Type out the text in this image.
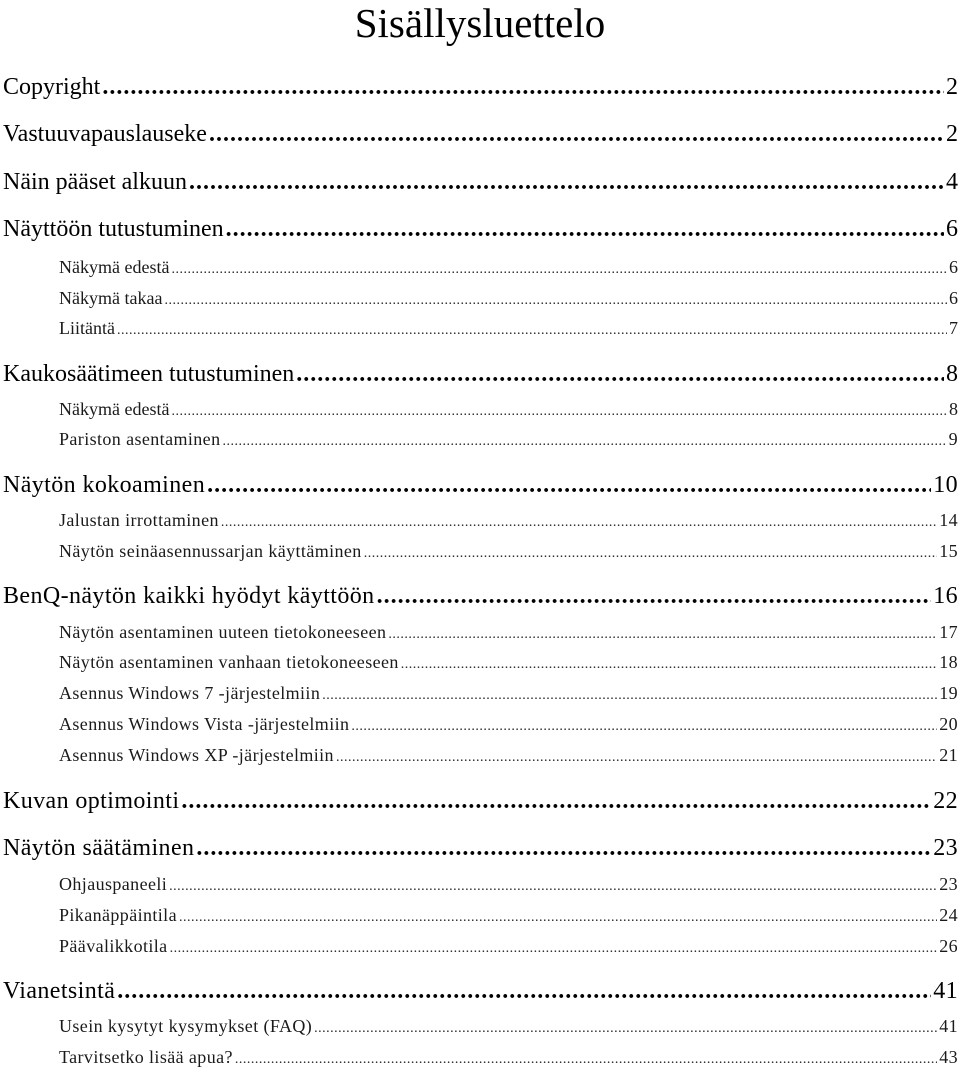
Sisällysluettelo
Copyright .....	2
Vastuuvapauslauseke .....	2
Näin pääset alkuun .....	4
Näyttöön tutustuminen .....	6
Näkymä edestä .....	6
Näkymä takaa .....	6
Liitäntä .....	7
Kaukosäätimeen tutustuminen .....	8
Näkymä edestä .....	8
Pariston asentaminen .....	9
Näytön kokoaminen .....	10
Jalustan irrottaminen .....	14
Näytön seinäasennussarjan käyttäminen .....	15
BenQ-näytön kaikki hyödyt käyttöön .....	16
Näytön asentaminen uuteen tietokoneeseen .....	17
Näytön asentaminen vanhaan tietokoneeseen .....	18
Asennus Windows 7 -järjestelmiin .....	19
Asennus Windows Vista -järjestelmiin .....	20
Asennus Windows XP -järjestelmiin .....	21
Kuvan optimointi .....	22
Näytön säätäminen .....	23
Ohjauspaneeli .....	23
Pikanäppäintila .....	24
Päävalikkotila .....	26
Vianetsintä .....	41
Usein kysytyt kysymykset (FAQ) .....	41
Tarvitsetko lisää apua? .....	43
